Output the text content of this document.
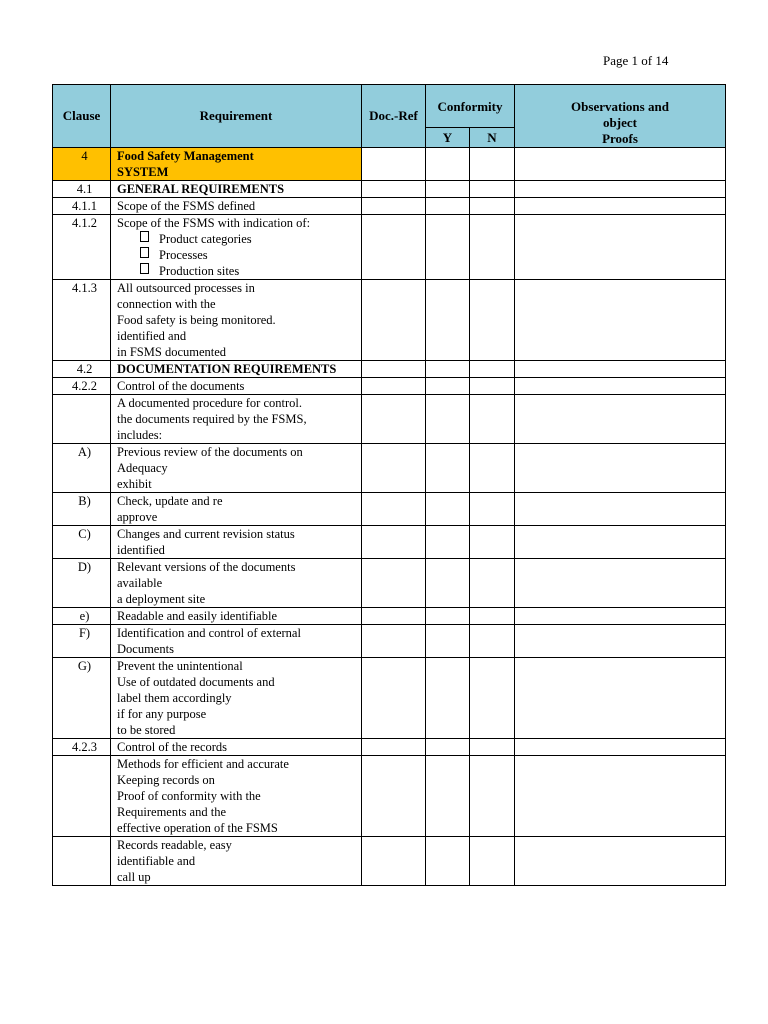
Page 1 of 14
Clause	Requirement	Doc.-Ref	Conformity		Observations and
object
Proofs

			Y	N	
4	Food Safety Management
SYSTEM				

4.1	GENERAL REQUIREMENTS				

4.1.1	Scope of the FSMS defined				

4.1.2	Scope of the FSMS with indication of:
Product categories
Processes
Production sites				

4.1.3	All outsourced processes in
connection with the
Food safety is being monitored.
identified and
in FSMS documented				

4.2	DOCUMENTATION REQUIREMENTS				

4.2.2	Control of the documents				

	A documented procedure for control.
the documents required by the FSMS,
includes:				

A)	Previous review of the documents on
Adequacy
exhibit				

B)	Check, update and re
approve				

C)	Changes and current revision status
identified				

D)	Relevant versions of the documents
available
a deployment site				

e)	Readable and easily identifiable				

F)	Identification and control of external
Documents				

G)	Prevent the unintentional
Use of outdated documents and
label them accordingly
if for any purpose
to be stored				

4.2.3	Control of the records				

	Methods for efficient and accurate
Keeping records on
Proof of conformity with the
Requirements and the
effective operation of the FSMS				

	Records readable, easy
identifiable and
call up				
